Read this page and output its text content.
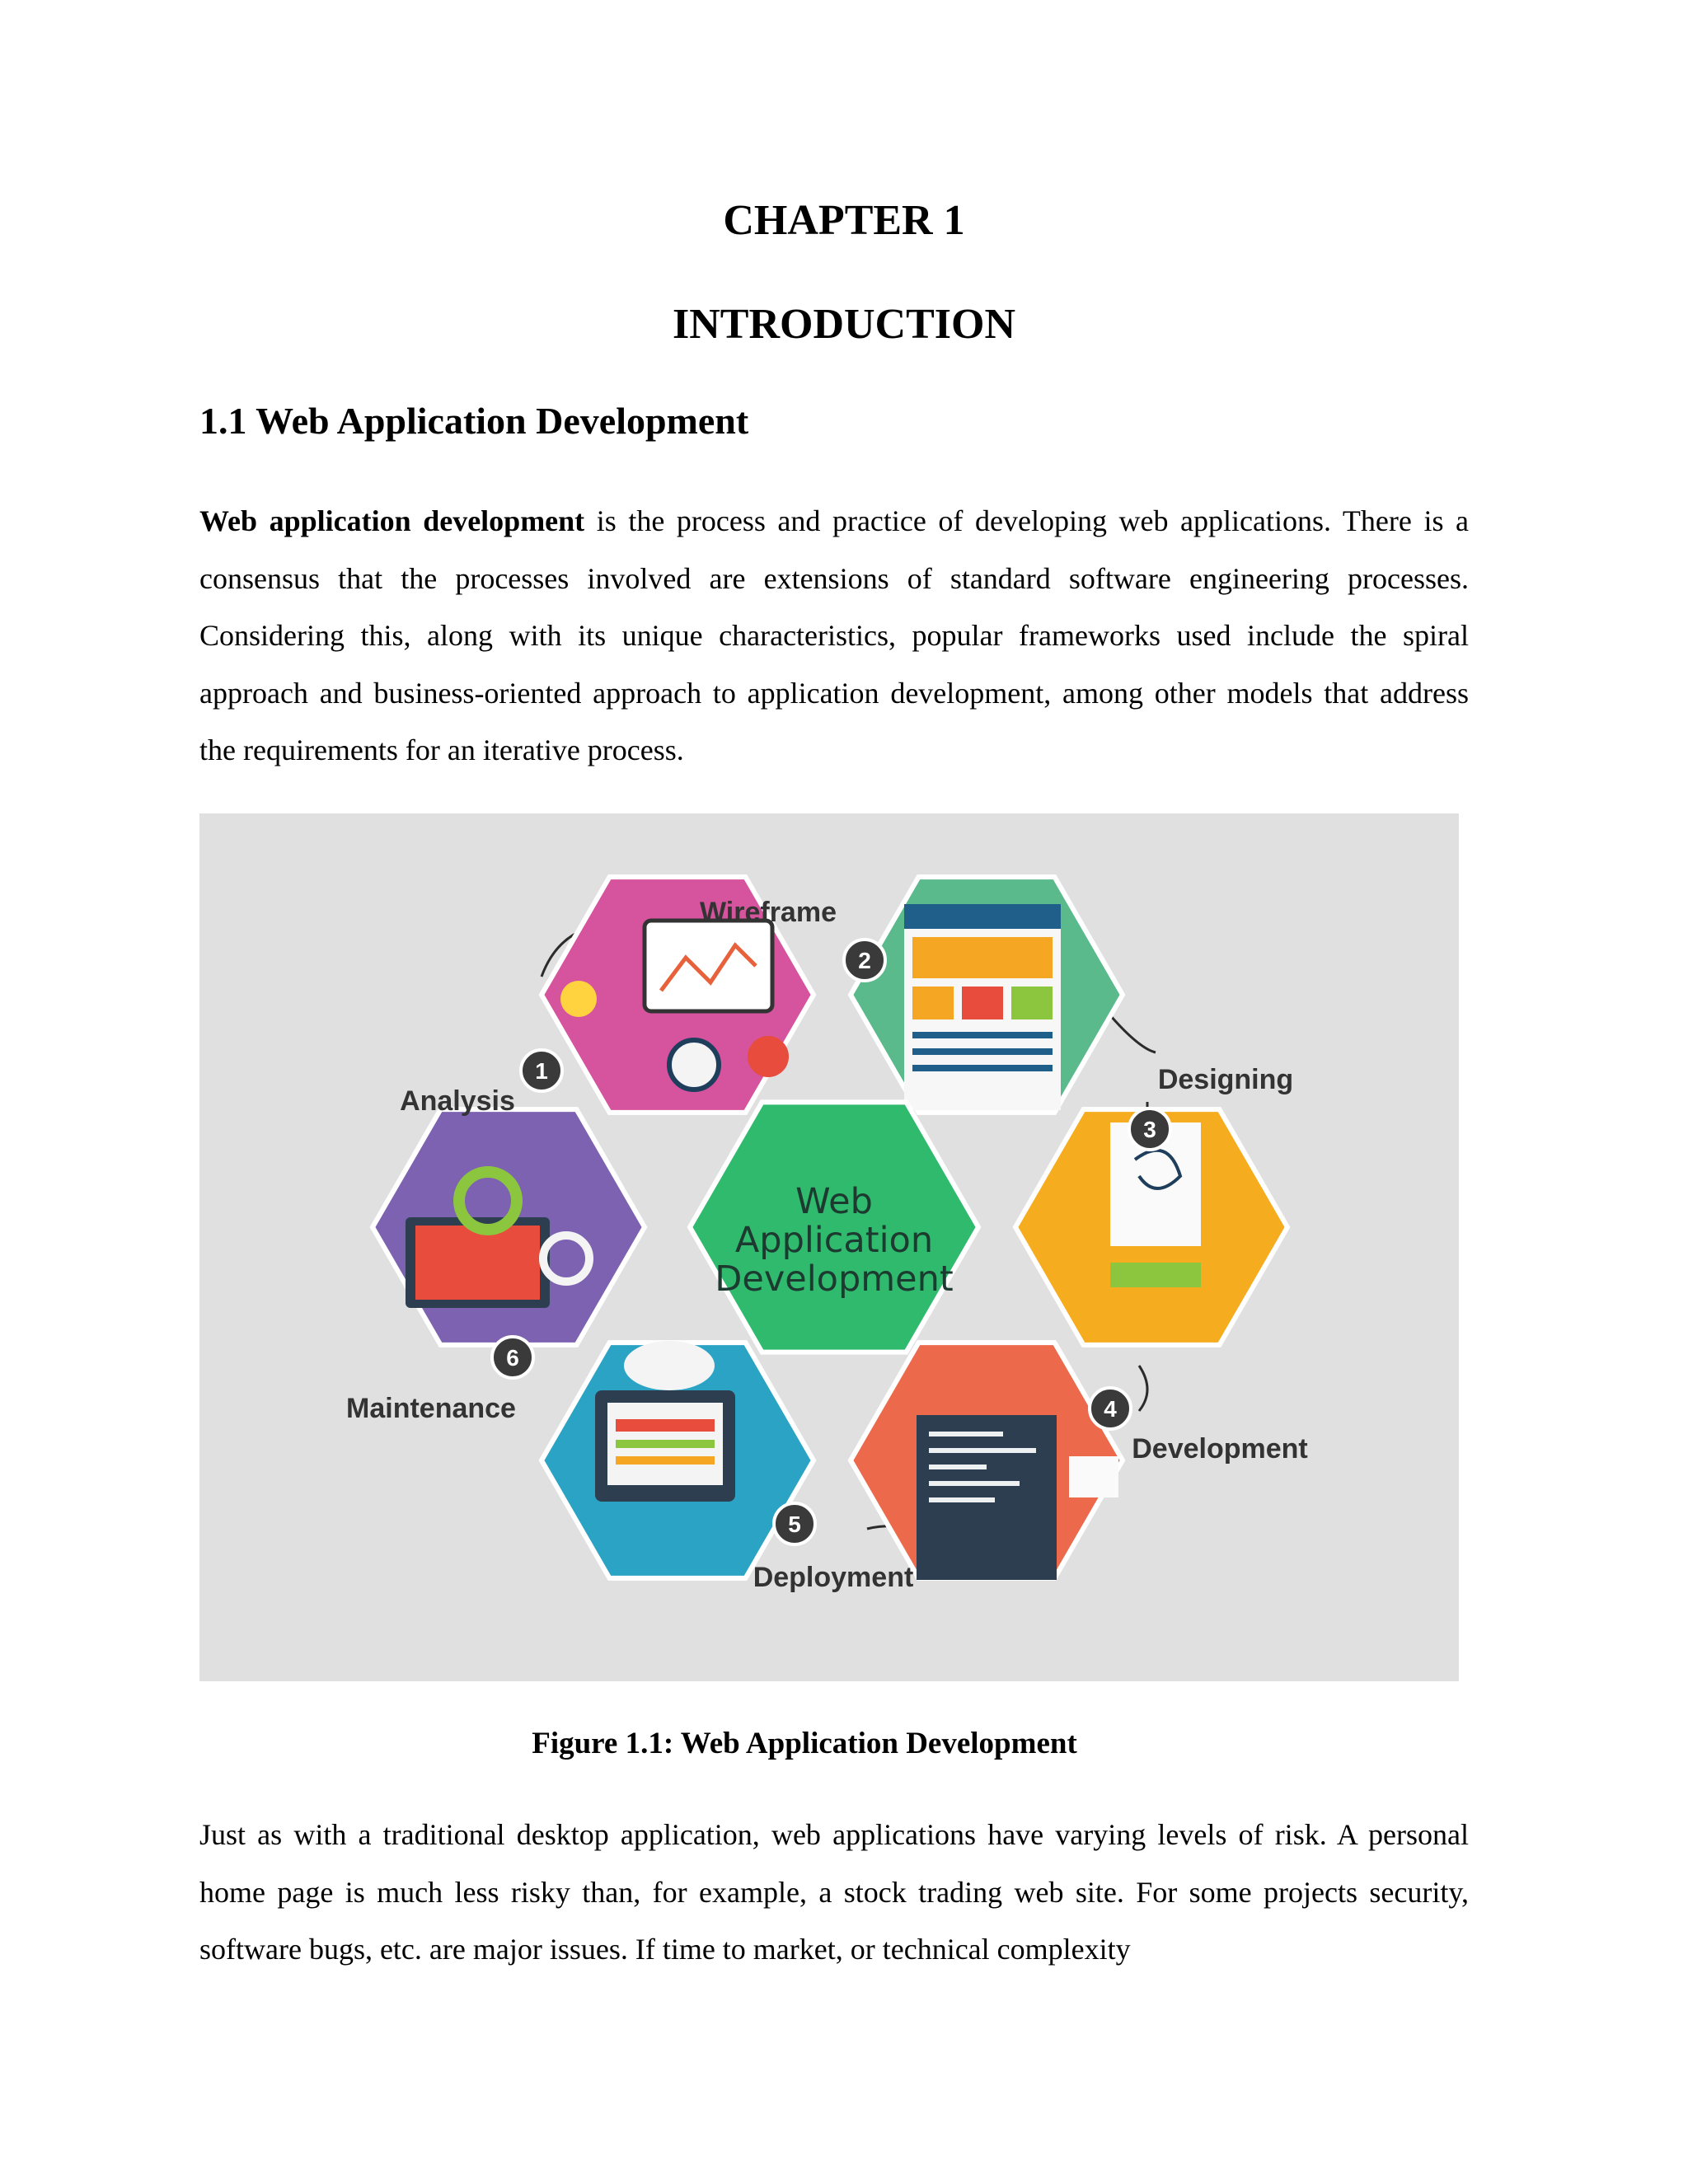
CHAPTER 1
INTRODUCTION
1.1 Web Application Development
Web application development is the process and practice of developing web applications. There is a consensus that the processes involved are extensions of standard software engineering processes. Considering this, along with its unique characteristics, popular frameworks used include the spiral approach and business-oriented approach to application development, among other models that address the requirements for an iterative process.
Web
Application
Development
1
2
3
4
5
6
Wireframe
Analysis
Designing
Maintenance
Development
Deployment
Figure 1.1: Web Application Development
Just as with a traditional desktop application, web applications have varying levels of risk. A personal home page is much less risky than, for example, a stock trading web site. For some projects security, software bugs, etc. are major issues. If time to market, or technical complexity
